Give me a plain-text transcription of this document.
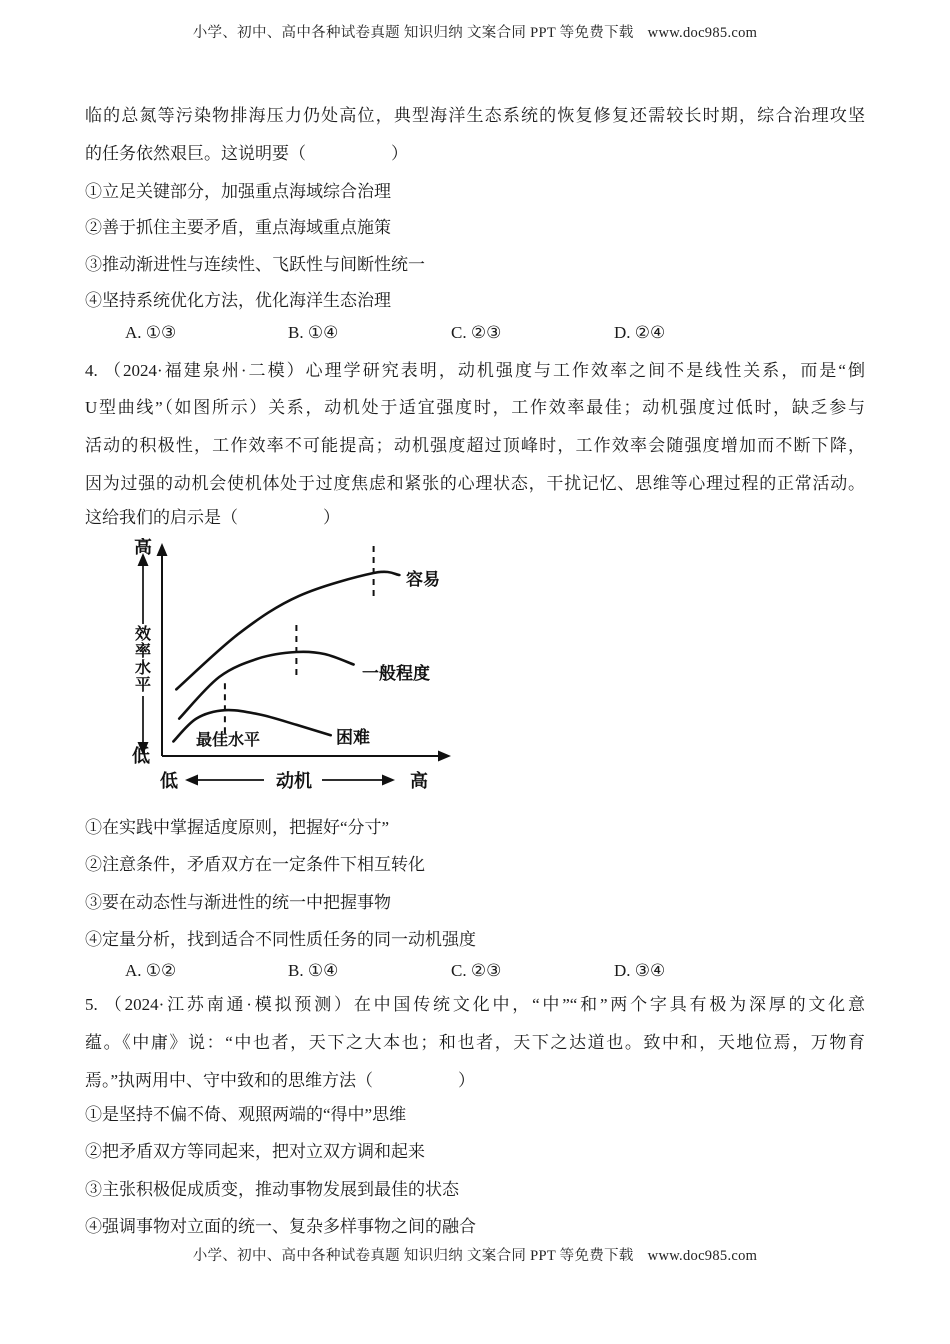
小学、初中、高中各种试卷真题 知识归纳 文案合同 PPT 等免费下载 www.doc985.com
临的总氮等污染物排海压力仍处高位，典型海洋生态系统的恢复修复还需较长时期，综合治理攻坚
的任务依然艰巨。这说明要（　　　　　）
①立足关键部分，加强重点海域综合治理
②善于抓住主要矛盾，重点海域重点施策
③推动渐进性与连续性、飞跃性与间断性统一
④坚持系统优化方法，优化海洋生态治理
A. ①③	B. ①④	C. ②③	D. ②④
4. （2024·福建泉州·二模）心理学研究表明，动机强度与工作效率之间不是线性关系，而是“倒
U型曲线”（如图所示）关系，动机处于适宜强度时，工作效率最佳；动机强度过低时，缺乏参与
活动的积极性，工作效率不可能提高；动机强度超过顶峰时，工作效率会随强度增加而不断下降，
因为过强的动机会使机体处于过度焦虑和紧张的心理状态，干扰记忆、思维等心理过程的正常活动。
这给我们的启示是（　　　　　）
高
低
效
率
水
平
低	动机	高
容易
一般程度
困难
最佳水平
①在实践中掌握适度原则，把握好“分寸”
②注意条件，矛盾双方在一定条件下相互转化
③要在动态性与渐进性的统一中把握事物
④定量分析，找到适合不同性质任务的同一动机强度
A. ①②	B. ①④	C. ②③	D. ③④
5. （2024·江苏南通·模拟预测）在中国传统文化中，“中”“和”两个字具有极为深厚的文化意
蕴。《中庸》说：“中也者，天下之大本也；和也者，天下之达道也。致中和，天地位焉，万物育
焉。”执两用中、守中致和的思维方法（　　　　　）
①是坚持不偏不倚、观照两端的“得中”思维
②把矛盾双方等同起来，把对立双方调和起来
③主张积极促成质变，推动事物发展到最佳的状态
④强调事物对立面的统一、复杂多样事物之间的融合
小学、初中、高中各种试卷真题 知识归纳 文案合同 PPT 等免费下载 www.doc985.com
